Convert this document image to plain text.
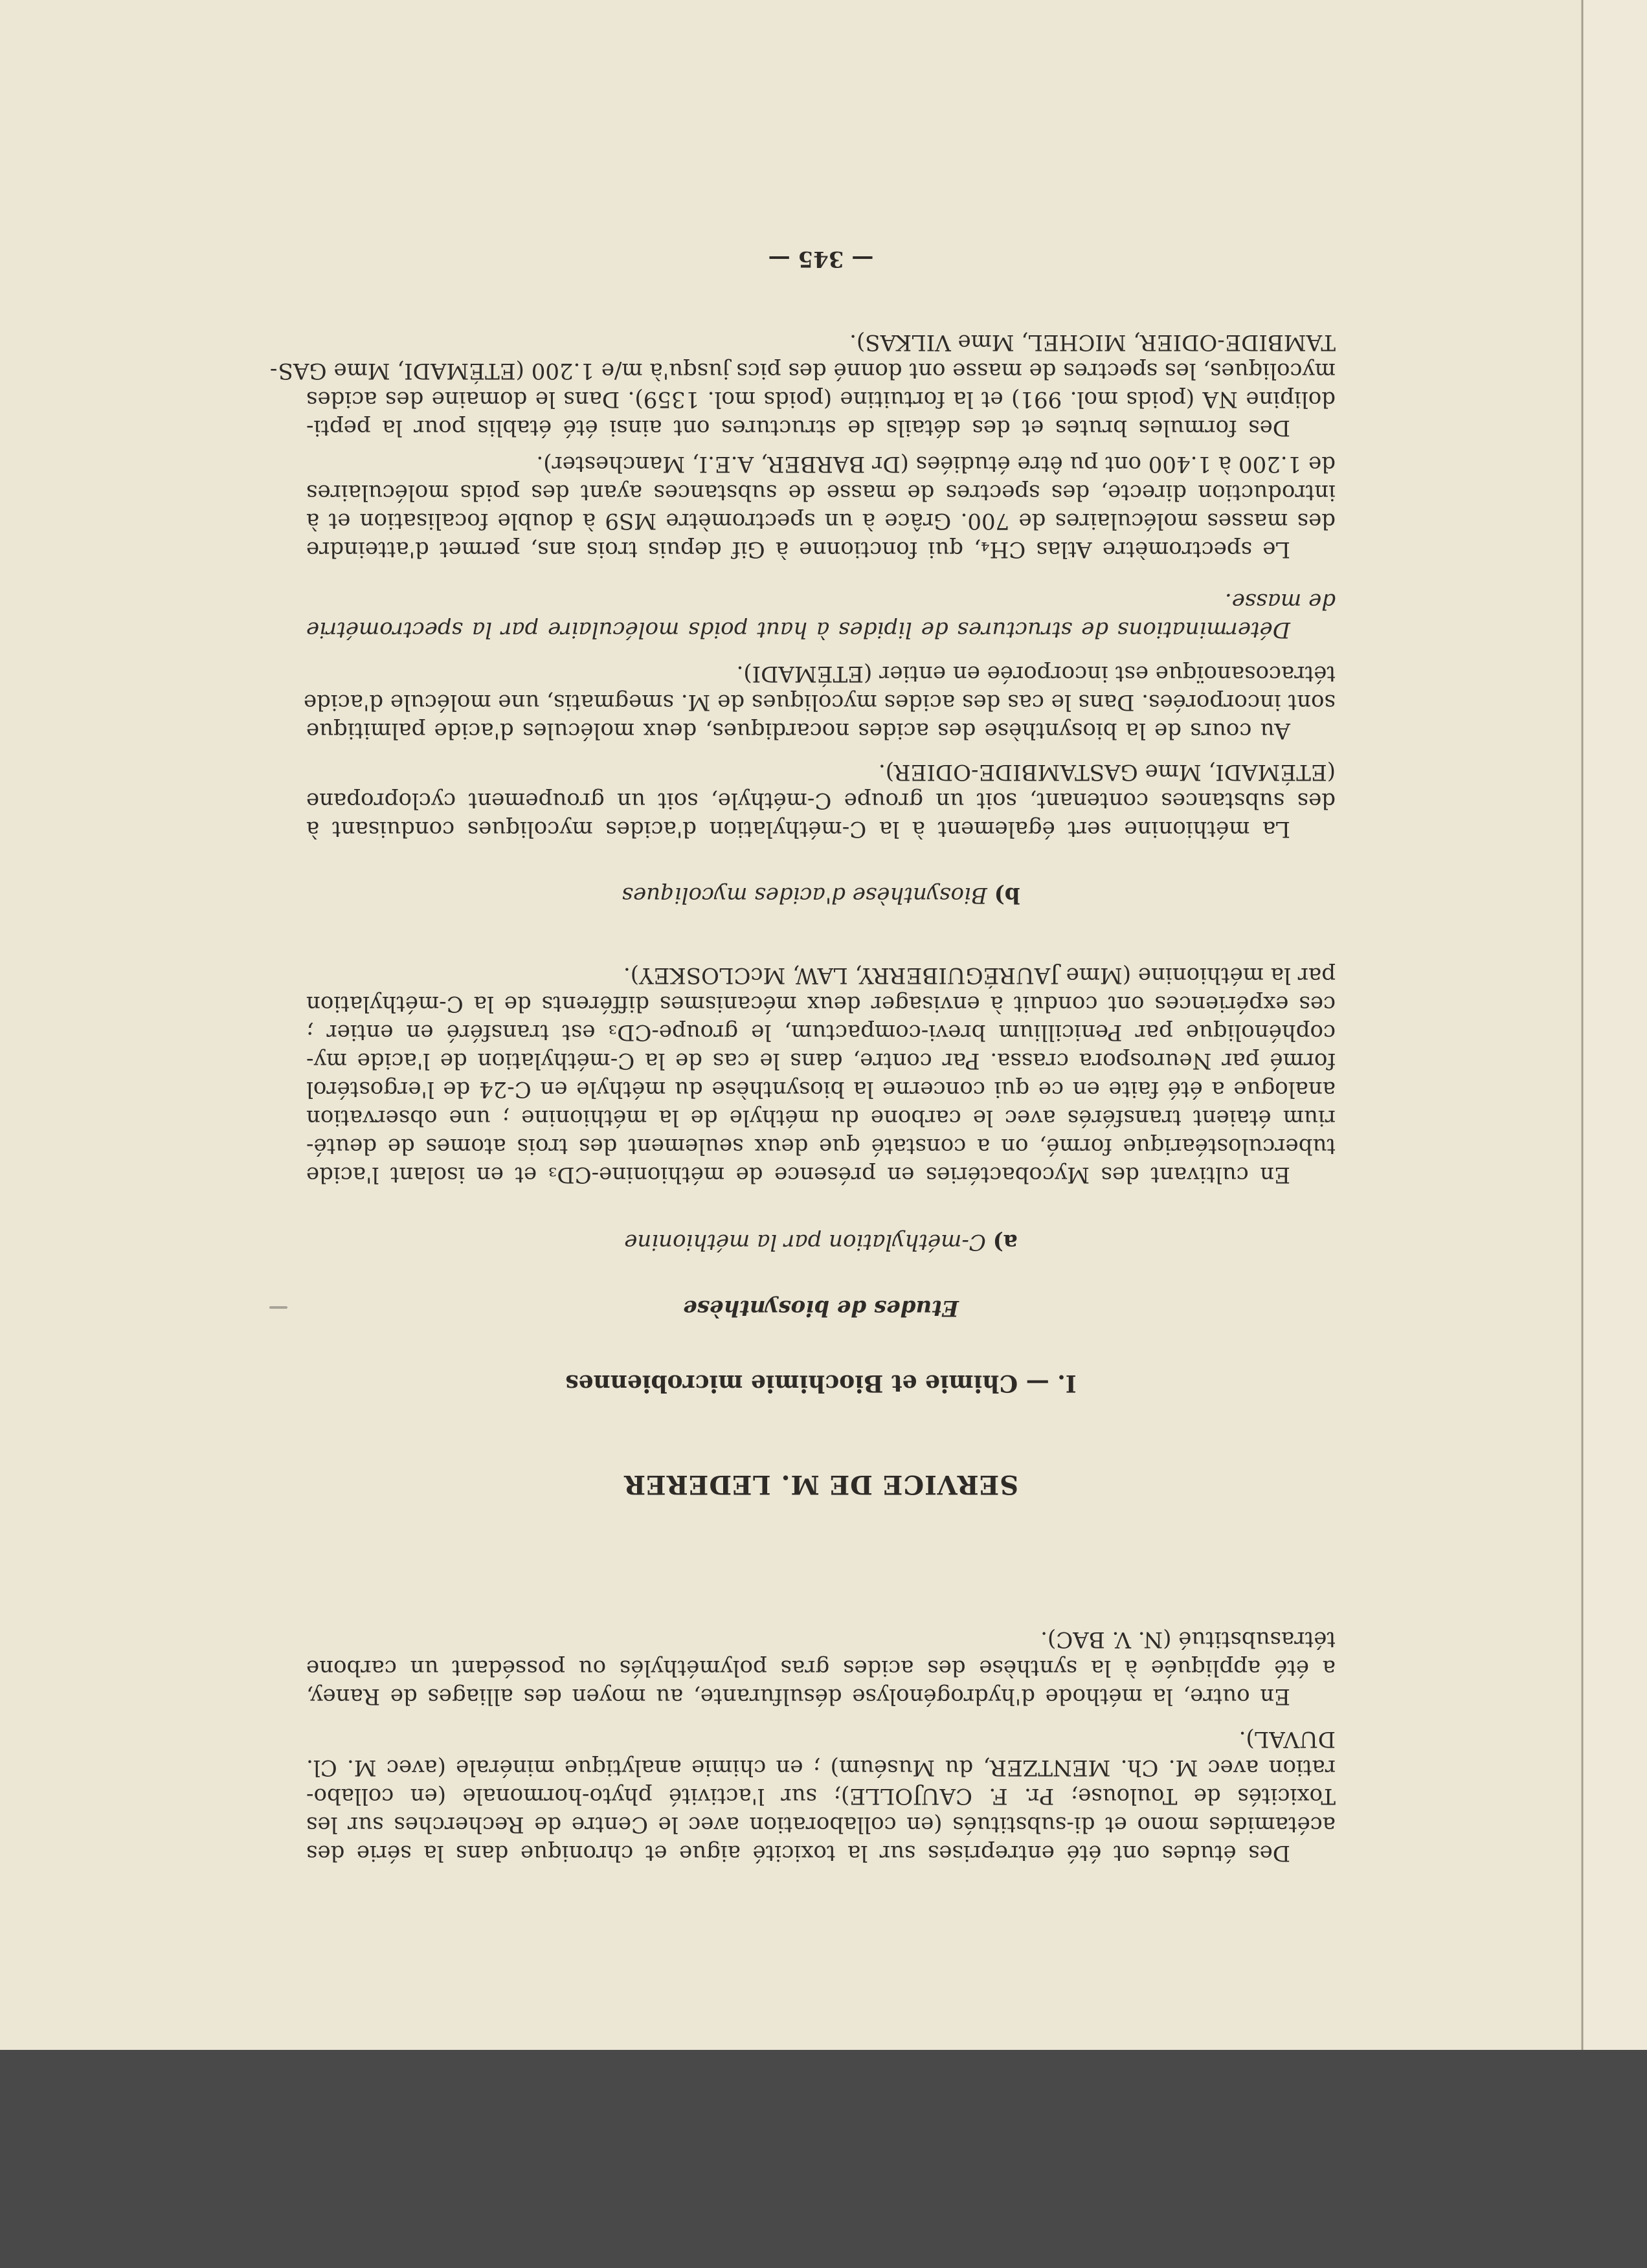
Des études ont été entreprises sur la toxicité aigue et chronique dans la série des
acétamides mono et di-substitués (en collaboration avec le Centre de Recherches sur les
Toxicités de Toulouse; Pr. F. CAUJOLLE); sur l'activité phyto-hormonale (en collabo-
ration avec M. Ch. MENTZER, du Muséum) ; en chimie analytique minérale (avec M. Cl.
DUVAL).
En outre, la méthode d'hydrogénolyse désulfurante, au moyen des alliages de Raney,
a été appliquée à la synthèse des acides gras polyméthylés ou possédant un carbone
tétrasubstitué (N. V. BAC).
SERVICE DE M. LEDERER
I. — Chimie et Biochimie microbiennes
Etudes de biosynthèse
a) C-méthylation par la méthionine
En cultivant des Mycobactéries en présence de méthionine-CD₃ et en isolant l'acide
tuberculostéarique formé, on a constaté que deux seulement des trois atomes de deuté-
rium étaient transférés avec le carbone du méthyle de la méthionine ; une observation
analogue a été faite en ce qui concerne la biosynthèse du méthyle en C-24 de l'ergostérol
formé par Neurospora crassa. Par contre, dans le cas de la C-méthylation de l'acide my-
cophénolique par Penicillium brevi-compactum, le groupe-CD₃ est transféré en entier ;
ces expériences ont conduit à envisager deux mécanismes différents de la C-méthylation
par la méthionine (Mme JAURÉGUIBERRY, LAW, McCLOSKEY).
b) Biosynthèse d'acides mycoliques
La méthionine sert également à la C-méthylation d'acides mycoliques conduisant à
des substances contenant, soit un groupe C-méthyle, soit un groupement cyclopropane
(ETÉMADI, Mme GASTAMBIDE-ODIER).
Au cours de la biosynthèse des acides nocardiques, deux molécules d'acide palmitique
sont incorporées. Dans le cas des acides mycoliques de M. smegmatis, une molécule d'acide
tétracosanoïque est incorporée en entier (ETÉMADI).
Déterminations de structures de lipides à haut poids moléculaire par la spectrométrie
de masse.
Le spectromètre Atlas CH₄, qui fonctionne à Gif depuis trois ans, permet d'atteindre
des masses moléculaires de 700. Grâce à un spectromètre MS9 à double focalisation et à
introduction directe, des spectres de masse de substances ayant des poids moléculaires
de 1.200 à 1.400 ont pu être étudiées (Dr BARBER, A.E.I, Manchester).
Des formules brutes et des détails de structures ont ainsi été établis pour la pepti-
dolipine NA (poids mol. 991) et la fortuitine (poids mol. 1359). Dans le domaine des acides
mycoliques, les spectres de masse ont donné des pics jusqu'à m/e 1.200 (ETÉMADI, Mme GAS-
TAMBIDE-ODIER, MICHEL, Mme VILKAS).
— 345 —
